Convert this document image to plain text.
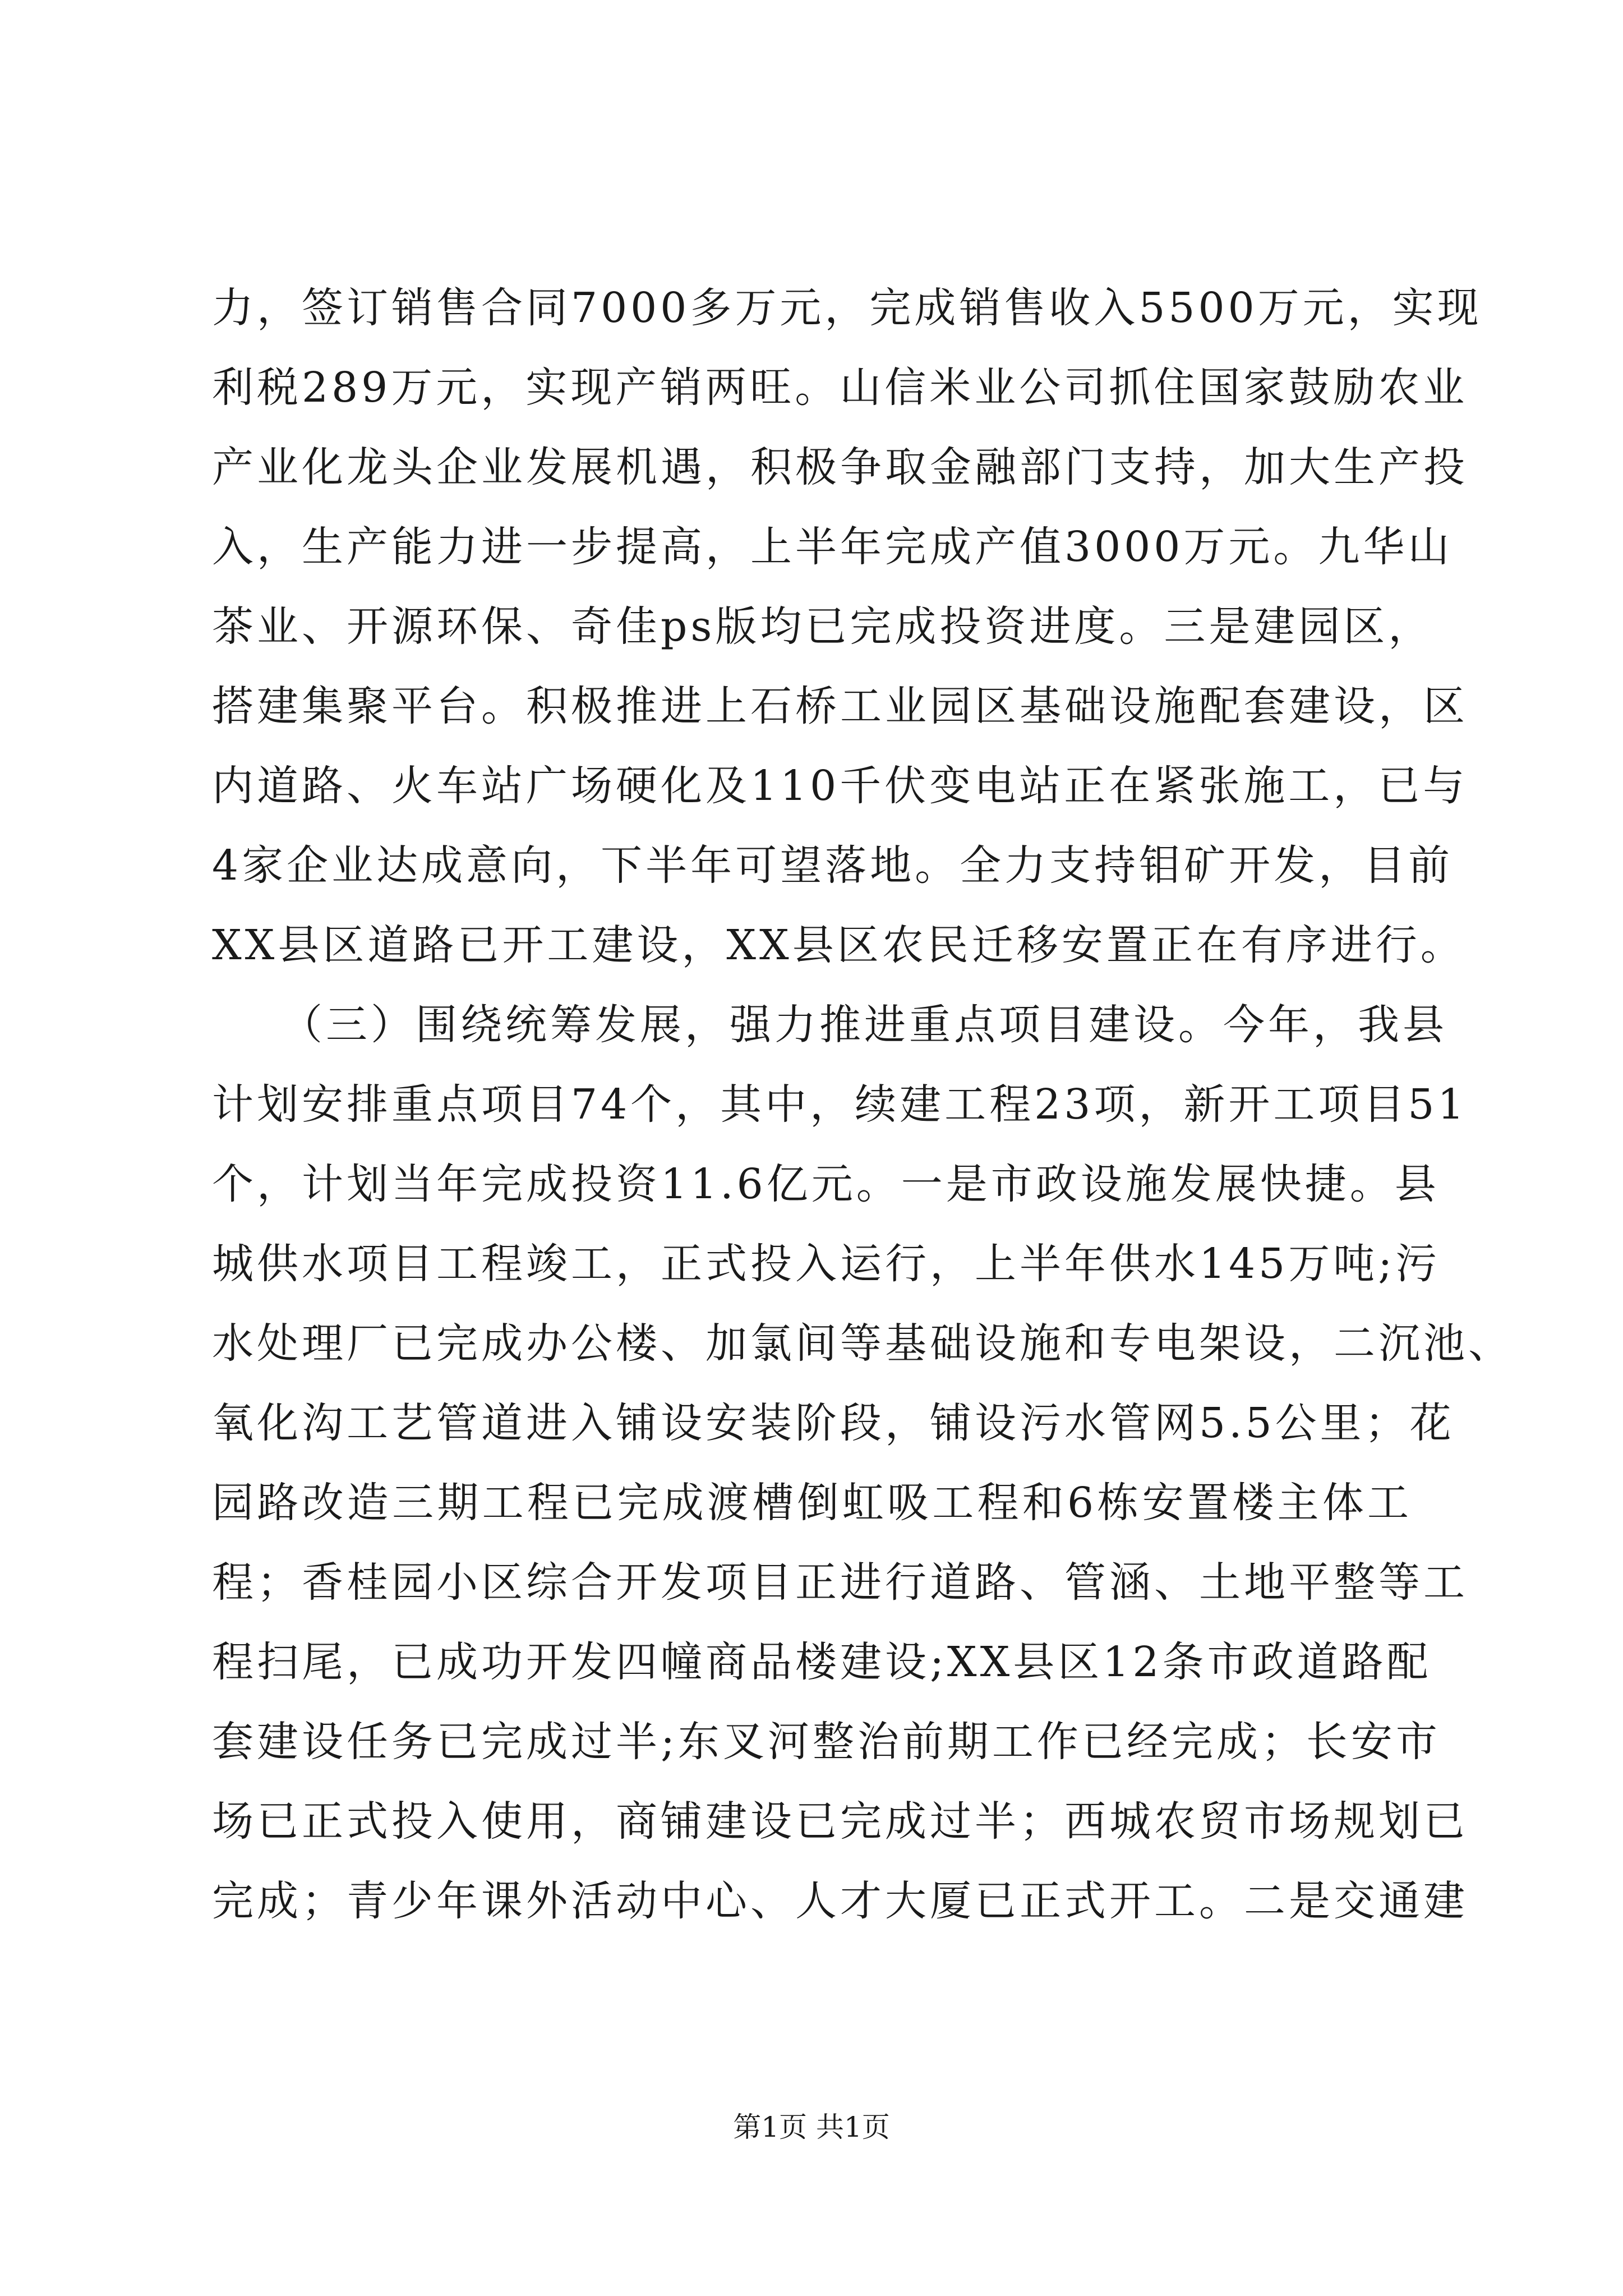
力，签订销售合同7000多万元，完成销售收入5500万元，实现
利税289万元，实现产销两旺。山信米业公司抓住国家鼓励农业
产业化龙头企业发展机遇，积极争取金融部门支持，加大生产投
入，生产能力进一步提高，上半年完成产值3000万元。九华山
茶业、开源环保、奇佳ps版均已完成投资进度。三是建园区，
搭建集聚平台。积极推进上石桥工业园区基础设施配套建设，区
内道路、火车站广场硬化及110千伏变电站正在紧张施工，已与
4家企业达成意向，下半年可望落地。全力支持钼矿开发，目前
XX县区道路已开工建设，XX县区农民迁移安置正在有序进行。
　　（三）围绕统筹发展，强力推进重点项目建设。今年，我县
计划安排重点项目74个，其中，续建工程23项，新开工项目51
个，计划当年完成投资11.6亿元。一是市政设施发展快捷。县
城供水项目工程竣工，正式投入运行，上半年供水145万吨;污
水处理厂已完成办公楼、加氯间等基础设施和专电架设，二沉池、
氧化沟工艺管道进入铺设安装阶段，铺设污水管网5.5公里；花
园路改造三期工程已完成渡槽倒虹吸工程和6栋安置楼主体工
程；香桂园小区综合开发项目正进行道路、管涵、土地平整等工
程扫尾，已成功开发四幢商品楼建设;XX县区12条市政道路配
套建设任务已完成过半;东叉河整治前期工作已经完成；长安市
场已正式投入使用，商铺建设已完成过半；西城农贸市场规划已
完成；青少年课外活动中心、人才大厦已正式开工。二是交通建
第1页 共1页
